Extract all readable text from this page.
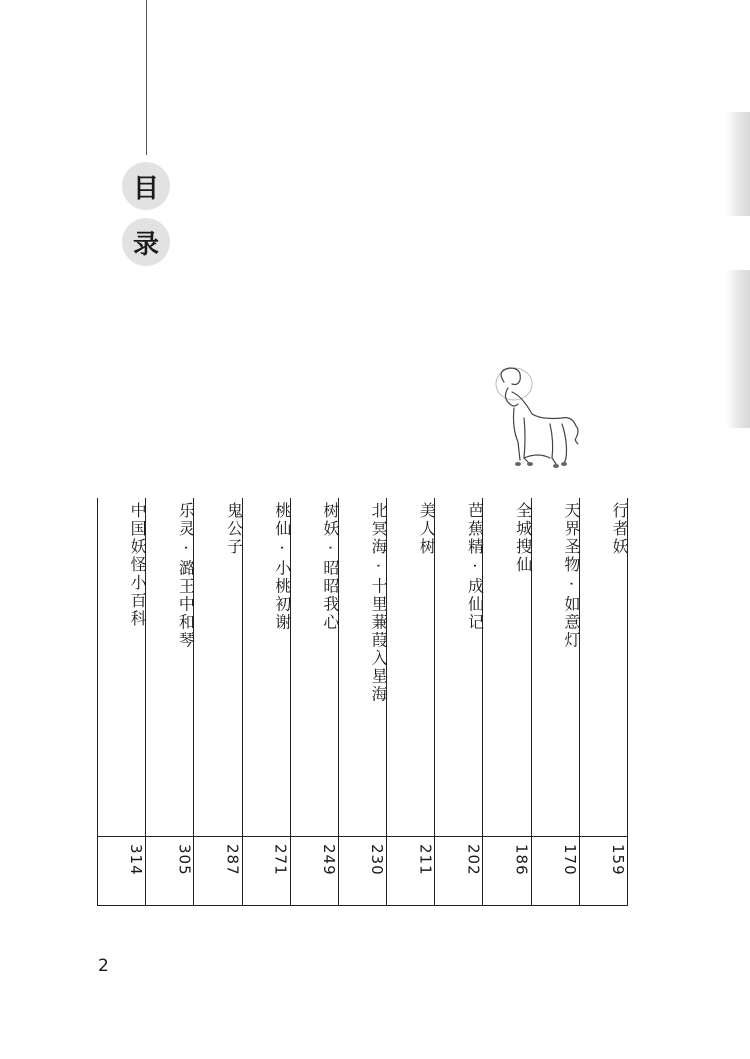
目
录
行者妖
159
天界圣物 · 如意灯
170
全城搜仙
186
芭蕉精 · 成仙记
202
美人树
211
北冥海 · 十里蒹葭入星海
230
树妖 · 昭昭我心
249
桃仙 · 小桃初谢
271
鬼公子
287
乐灵 · 潞王中和琴
305
中国妖怪小百科
314
2
